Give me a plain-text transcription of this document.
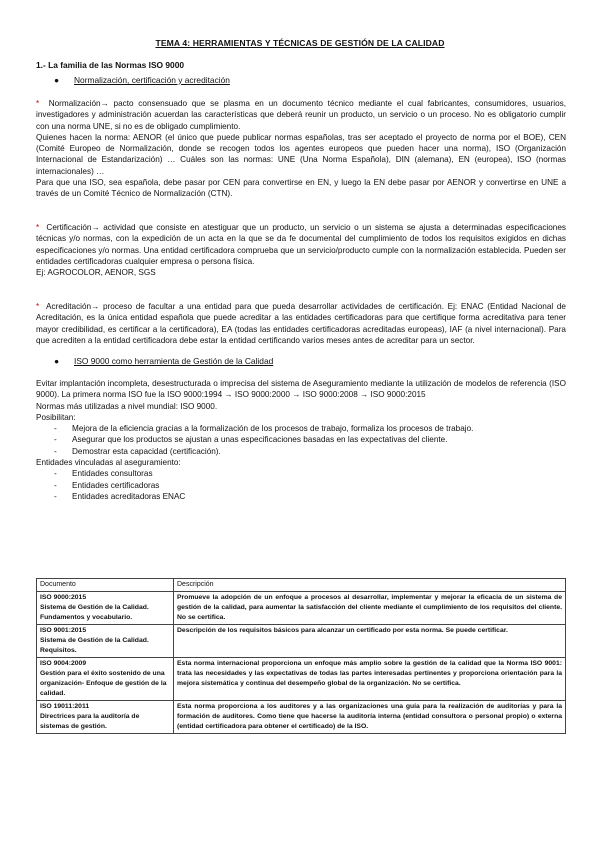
TEMA 4: HERRAMIENTAS Y TÉCNICAS DE GESTIÓN DE LA CALIDAD
1.- La familia de las Normas ISO 9000
● Normalización, certificación y acreditación

* Normalización→ pacto consensuado que se plasma en un documento técnico mediante el cual fabricantes, consumidores, usuarios, investigadores y administración acuerdan las características que deberá reunir un producto, un servicio o un proceso. No es obligatorio cumplir con una norma UNE, si no es de obligado cumplimiento.

Quienes hacen la norma: AENOR (el único que puede publicar normas españolas, tras ser aceptado el proyecto de norma por el BOE), CEN (Comité Europeo de Normalización, donde se recogen todos los agentes europeos que pueden hacer una norma), ISO (Organización Internacional de Estandarización) … Cuáles son las normas: UNE (Una Norma Española), DIN (alemana), EN (europea), ISO (normas internacionales) …

Para que una ISO, sea española, debe pasar por CEN para convertirse en EN, y luego la EN debe pasar por AENOR y convertirse en UNE a través de un Comité Técnico de Normalización (CTN).

* Certificación→ actividad que consiste en atestiguar que un producto, un servicio o un sistema se ajusta a determinadas especificaciones técnicas y/o normas, con la expedición de un acta en la que se da fe documental del cumplimiento de todos los requisitos exigidos en dichas especificaciones y/o normas. Una entidad certificadora comprueba que un servicio/producto cumple con la normalización establecida. Pueden ser entidades certificadoras cualquier empresa o persona física.

Ej: AGROCOLOR, AENOR, SGS

* Acreditación→ proceso de facultar a una entidad para que pueda desarrollar actividades de certificación. Ej: ENAC (Entidad Nacional de Acreditación, es la única entidad española que puede acreditar a las entidades certificadoras para que certifique forma acreditativa para tener mayor credibilidad, es certificar a la certificadora), EA (todas las entidades certificadoras acreditadas europeas), IAF (a nivel internacional). Para que acrediten a la entidad certificadora debe estar la entidad certificando varios meses antes de acreditar para un sector.

● ISO 9000 como herramienta de Gestión de la Calidad

Evitar implantación incompleta, desestructurada o imprecisa del sistema de Aseguramiento mediante la utilización de modelos de referencia (ISO 9000). La primera norma ISO fue la ISO 9000:1994 → ISO 9000:2000 → ISO 9000:2008 → ISO 9000:2015

Normas más utilizadas a nivel mundial: ISO 9000.

Posibilitan:

- Mejora de la eficiencia gracias a la formalización de los procesos de trabajo, formaliza los procesos de trabajo.
- Asegurar que los productos se ajustan a unas especificaciones basadas en las expectativas del cliente.
- Demostrar esta capacidad (certificación).

Entidades vinculadas al aseguramiento:

- Entidades consultoras
- Entidades certificadoras
- Entidades acreditadoras ENAC
Documento	Descripción
ISO 9000:2015
Sistema de Gestión de la Calidad. Fundamentos y vocabulario.	Promueve la adopción de un enfoque a procesos al desarrollar, implementar y mejorar la eficacia de un sistema de gestión de la calidad, para aumentar la satisfacción del cliente mediante el cumplimiento de los requisitos del cliente. No se certifica.
ISO 9001:2015
Sistema de Gestión de la Calidad. Requisitos.	Descripción de los requisitos básicos para alcanzar un certificado por esta norma. Se puede certificar.
ISO 9004:2009
Gestión para el éxito sostenido de una organización- Enfoque de gestión de la calidad.	Esta norma internacional proporciona un enfoque más amplio sobre la gestión de la calidad que la Norma ISO 9001: trata las necesidades y las expectativas de todas las partes interesadas pertinentes y proporciona orientación para la mejora sistemática y continua del desempeño global de la organización. No se certifica.
ISO 19011:2011
Directrices para la auditoría de sistemas de gestión.	Esta norma proporciona a los auditores y a las organizaciones una guía para la realización de auditorías y para la formación de auditores. Como tiene que hacerse la auditoría interna (entidad consultora o personal propio) o externa (entidad certificadora para obtener el certificado) de la ISO.
